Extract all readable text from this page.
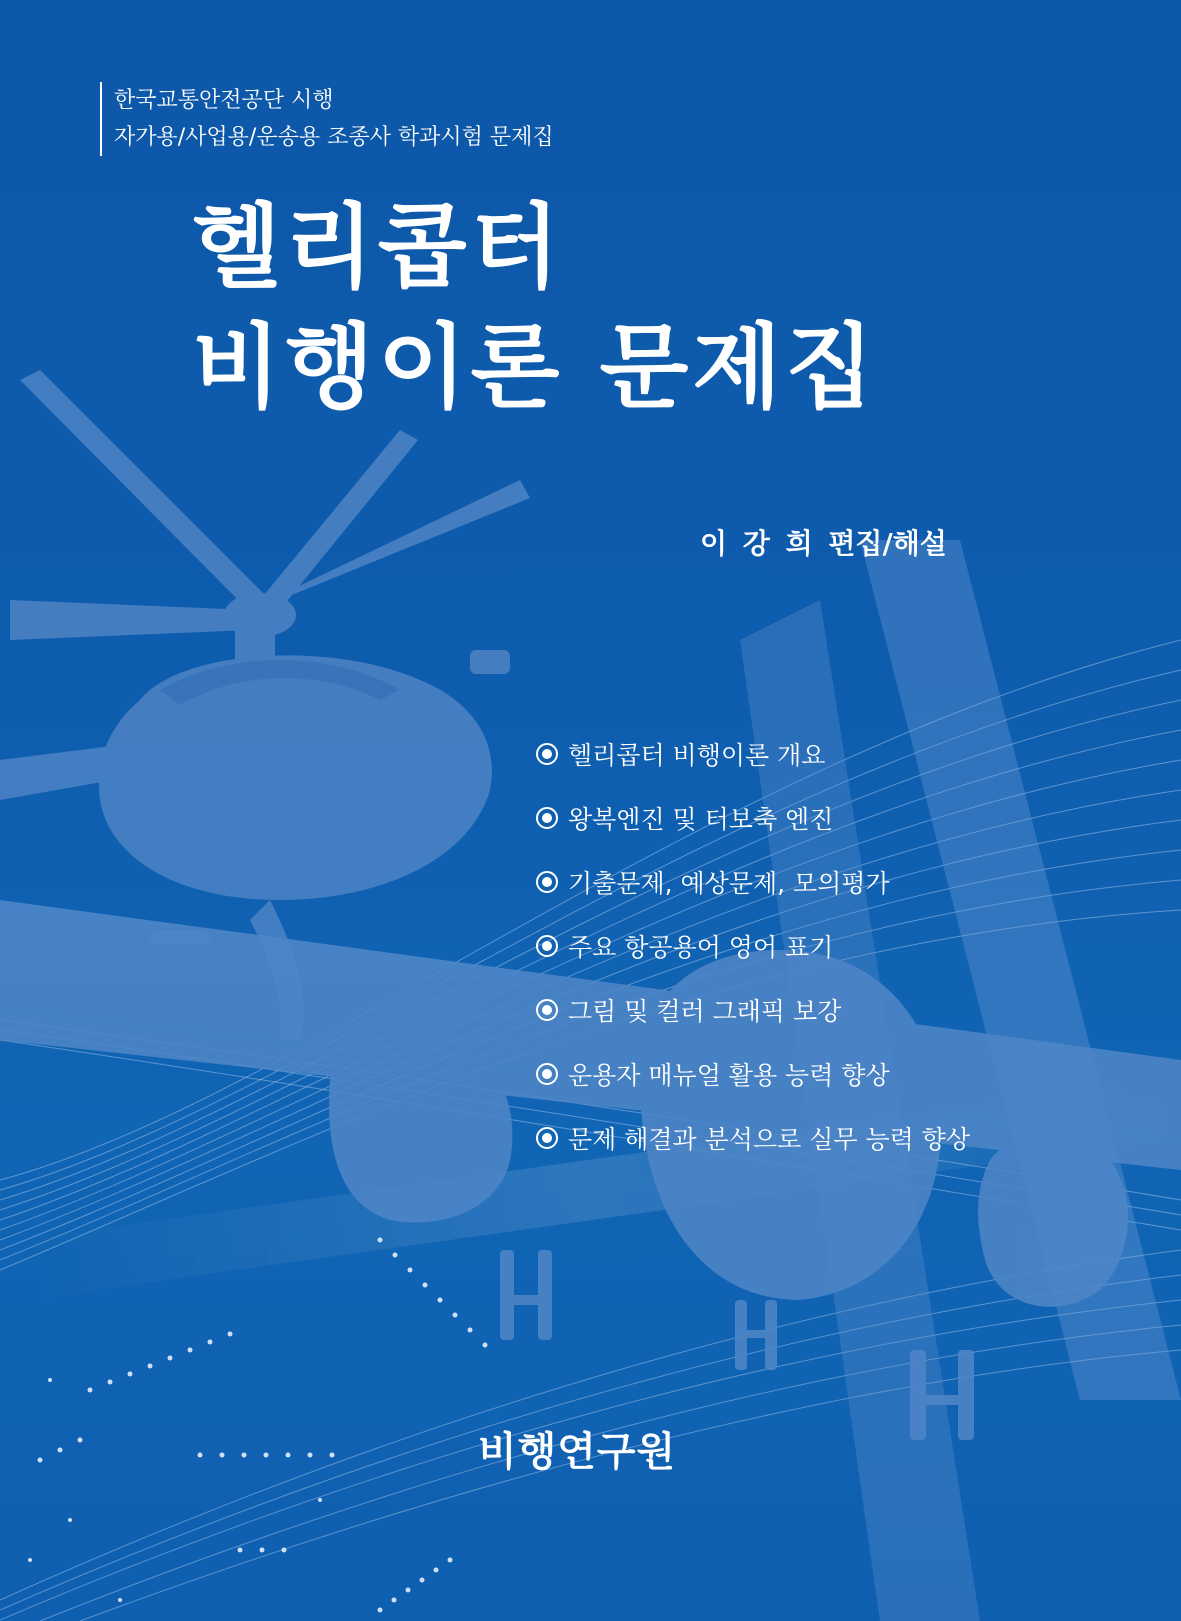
한국교통안전공단 시행
자가용/사업용/운송용 조종사 학과시험 문제집
헬리콥터
비행이론 문제집
이 강 희 편집/해설
헬리콥터 비행이론 개요
왕복엔진 및 터보축 엔진
기출문제, 예상문제, 모의평가
주요 항공용어 영어 표기
그림 및 컬러 그래픽 보강
운용자 매뉴얼 활용 능력 향상
문제 해결과 분석으로 실무 능력 향상
비행연구원
